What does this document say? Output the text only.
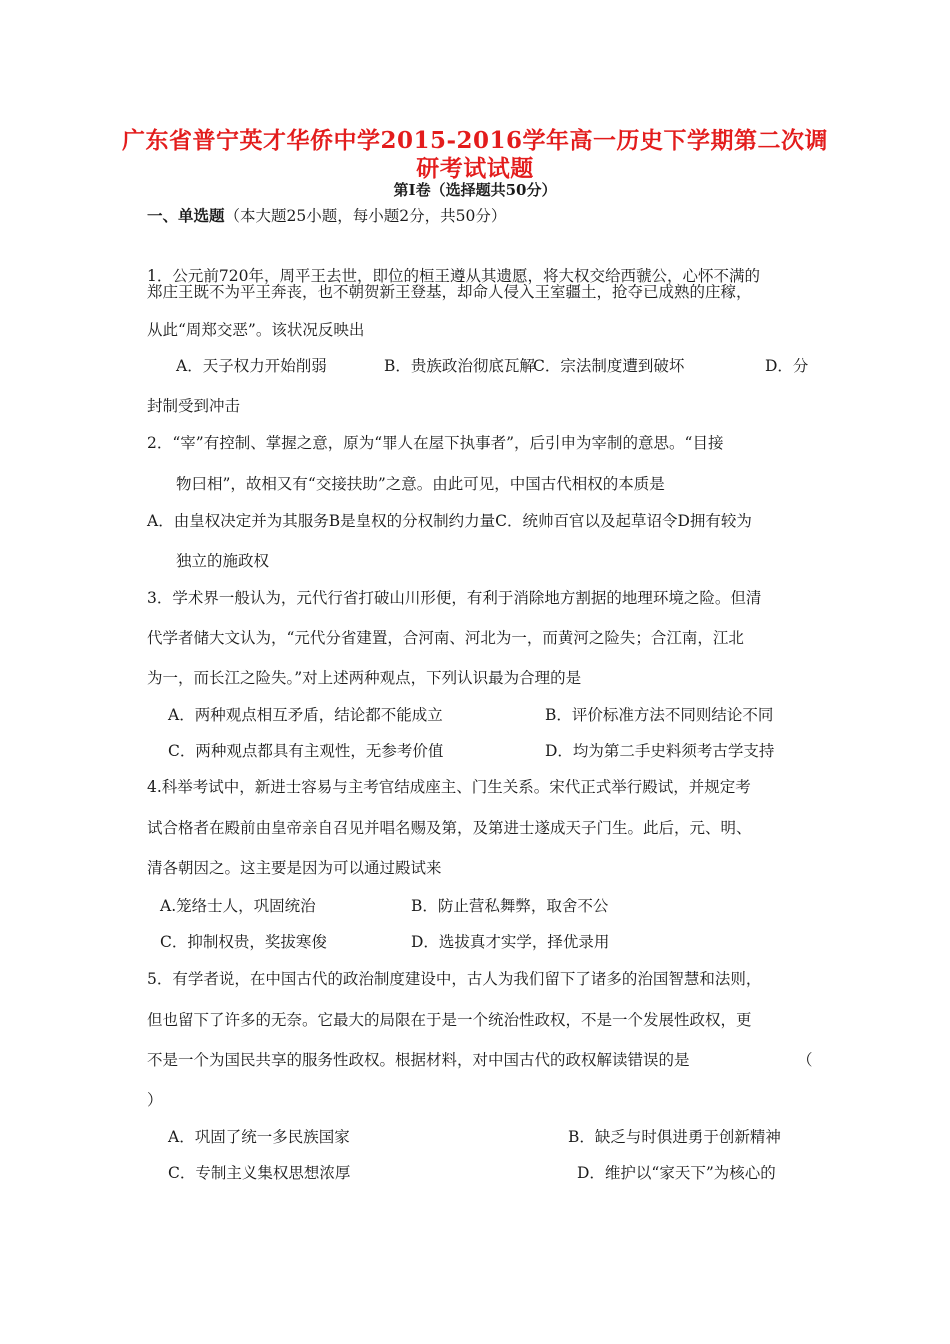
广东省普宁英才华侨中学2015-2016学年高一历史下学期第二次调
研考试试题
第Ⅰ卷（选择题共50分）
一、单选题（本大题25小题，每小题2分，共50分）
1．公元前720年，周平王去世，即位的桓王遵从其遗愿，将大权交给西虢公，心怀不满的
郑庄王既不为平王奔丧，也不朝贺新王登基，却命人侵入王室疆土，抢夺已成熟的庄稼，
从此“周郑交恶”。该状况反映出
A．天子权力开始削弱	B．贵族政治彻底瓦解
C．宗法制度遭到破坏	D．分
封制受到冲击
2．“宰”有控制、掌握之意，原为“罪人在屋下执事者”，后引申为宰制的意思。“目接
物曰相”，故相又有“交接扶助”之意。由此可见，中国古代相权的本质是
A．由皇权决定并为其服务B是皇权的分权制约力量C．统帅百官以及起草诏令D拥有较为
独立的施政权
3．学术界一般认为，元代行省打破山川形便，有利于消除地方割据的地理环境之险。但清
代学者储大文认为，“元代分省建置，合河南、河北为一，而黄河之险失；合江南，江北
为一，而长江之险失。”对上述两种观点，下列认识最为合理的是
A．两种观点相互矛盾，结论都不能成立	B．评价标准方法不同则结论不同
C．两种观点都具有主观性，无参考价值	D．均为第二手史料须考古学支持
4.科举考试中，新进士容易与主考官结成座主、门生关系。宋代正式举行殿试，并规定考
试合格者在殿前由皇帝亲自召见并唱名赐及第，及第进士遂成天子门生。此后，元、明、
清各朝因之。这主要是因为可以通过殿试来
A.笼络士人，巩固统治	B．防止营私舞弊，取舍不公
C．抑制权贵，奖拔寒俊	D．选拔真才实学，择优录用
5．有学者说，在中国古代的政治制度建设中，古人为我们留下了诸多的治国智慧和法则，
但也留下了许多的无奈。它最大的局限在于是一个统治性政权，不是一个发展性政权，更
不是一个为国民共享的服务性政权。根据材料，对中国古代的政权解读错误的是	（
）
A．巩固了统一多民族国家	B．缺乏与时俱进勇于创新精神
C．专制主义集权思想浓厚	D．维护以“家天下”为核心的
